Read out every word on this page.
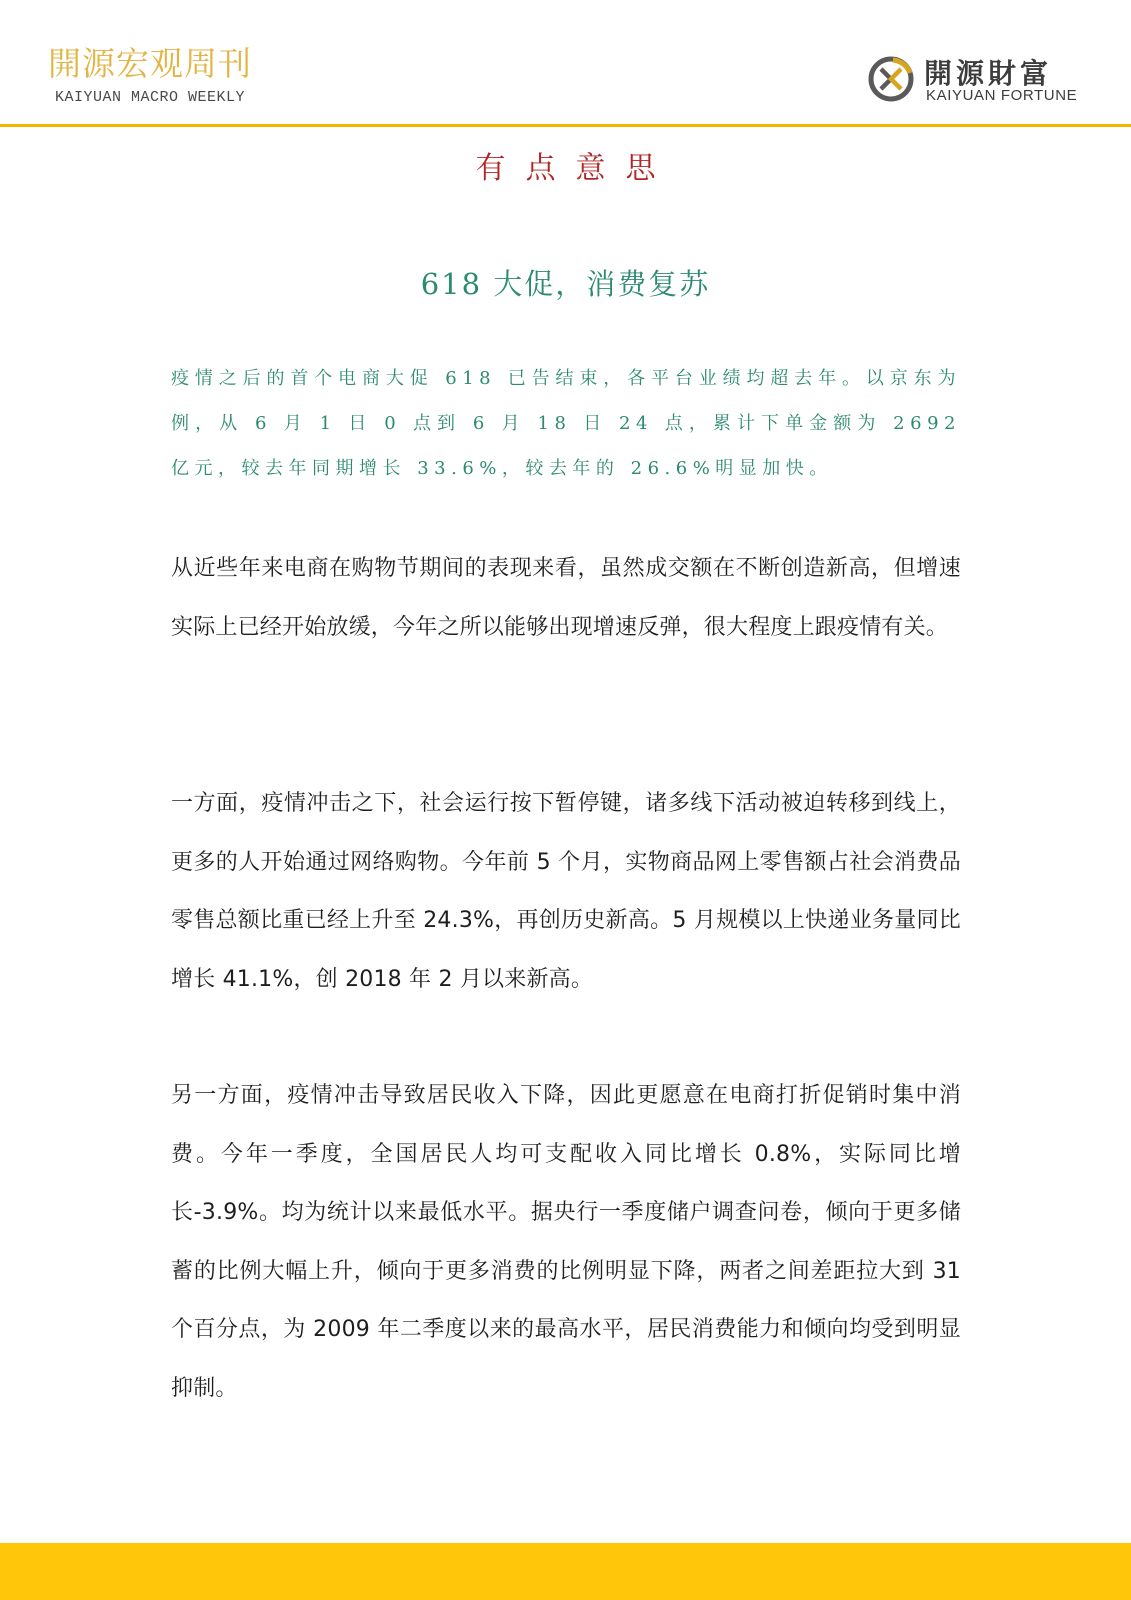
開源宏观周刊
KAIYUAN MACRO WEEKLY
開源財富
KAIYUAN FORTUNE
有点意思
618 大促，消费复苏
疫情之后的首个电商大促 618 已告结束，各平台业绩均超去年。以京东为例，从 6 月 1 日 0 点到 6 月 18 日 24 点，累计下单金额为 2692 亿元，较去年同期增长 33.6%，较去年的 26.6%明显加快。
从近些年来电商在购物节期间的表现来看，虽然成交额在不断创造新高，但增速实际上已经开始放缓，今年之所以能够出现增速反弹，很大程度上跟疫情有关。
一方面，疫情冲击之下，社会运行按下暂停键，诸多线下活动被迫转移到线上，更多的人开始通过网络购物。今年前 5 个月，实物商品网上零售额占社会消费品零售总额比重已经上升至 24.3%，再创历史新高。5 月规模以上快递业务量同比增长 41.1%，创 2018 年 2 月以来新高。
另一方面，疫情冲击导致居民收入下降，因此更愿意在电商打折促销时集中消费。今年一季度，全国居民人均可支配收入同比增长 0.8%，实际同比增长-3.9%。均为统计以来最低水平。据央行一季度储户调查问卷，倾向于更多储蓄的比例大幅上升，倾向于更多消费的比例明显下降，两者之间差距拉大到 31 个百分点，为 2009 年二季度以来的最高水平，居民消费能力和倾向均受到明显抑制。
